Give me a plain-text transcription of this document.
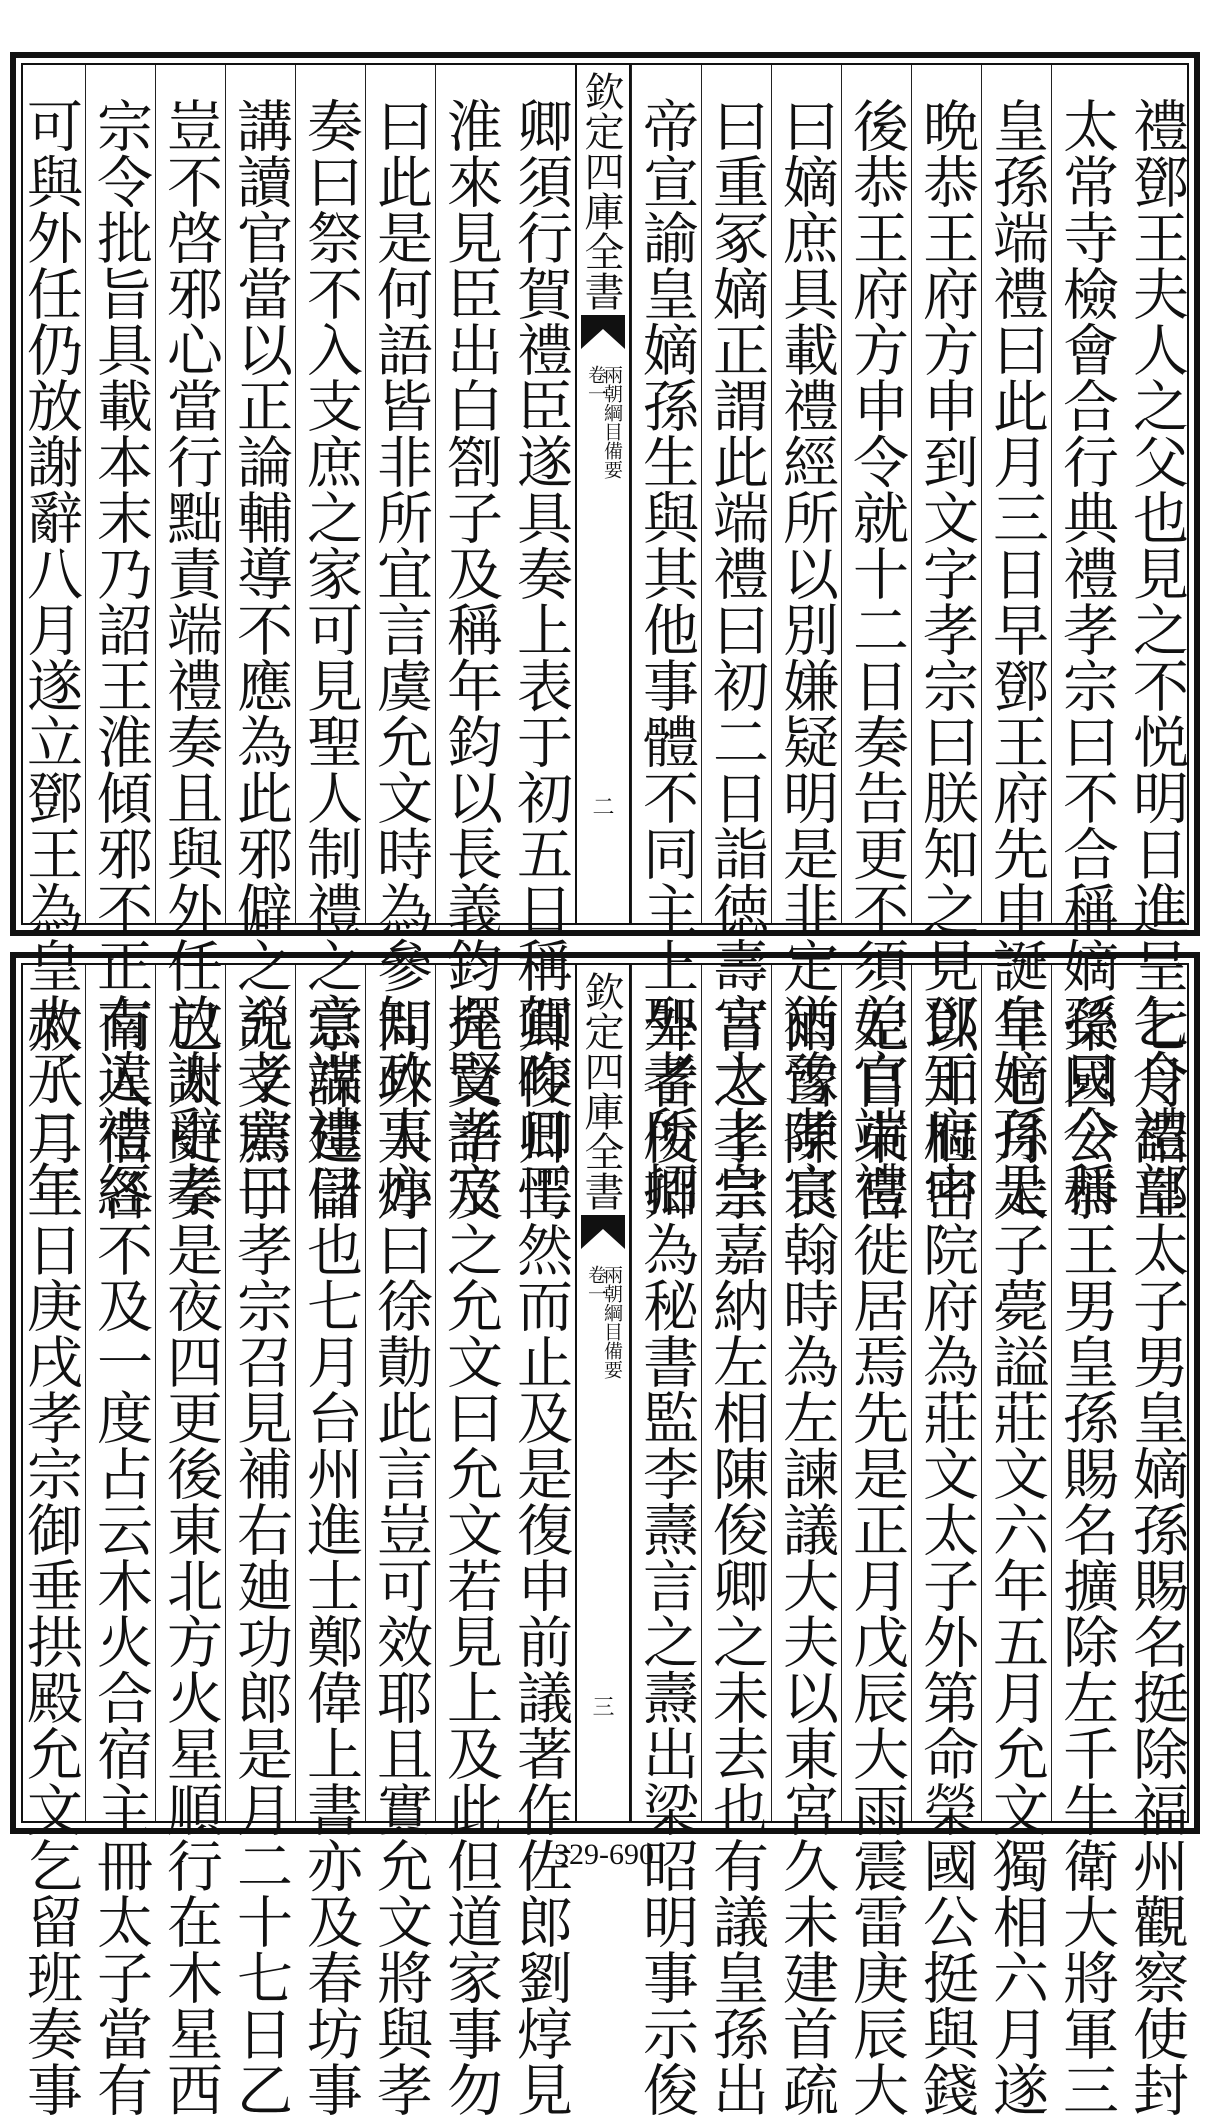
禮鄧王夫人之父也見之不悦明日進呈乞令禮部
太常寺檢會合行典禮孝宗曰不合稱嫡孫只令稱
皇孫端禮曰此月三日早鄧王府先申誕皇嫡孫是
晩恭王府方申到文字孝宗曰朕知之見鄧王府申
後恭王府方申令就十二日奏告更不須差官端禮
曰嫡庶具載禮經所以別嫌疑明是非定猶豫孝宗
曰重冢嫡正謂此端禮曰初二日詣徳壽宮太上皇
帝宣諭皇嫡孫生與其他事體不同主上聖孝所招
欽定四庫全書
兩朝綱目備要
卷一
二
卿須行賀禮臣遂具奏上表于初五日稱賀昨日王
淮來見臣出白劄子及稱年鈞以長義鈞擇賢孝宗
曰此是何語皆非所宜言虞允文時為參知政事亦
奏曰祭不入支庶之家可見聖人制禮之意端禮曰
講讀官當以正論輔導不應為此邪僻之説孝宗曰
豈不啓邪心當行黜責端禮奏且與外任放謝辭孝
宗令批旨具載本末乃詔王淮傾邪不正有違禮經
可與外任仍放謝辭八月遂立鄧王為皇太子二年
七月詔皇太子男皇嫡孫賜名挺除福州觀察使封
榮國公恭王男皇孫賜名擴除左千牛衛大將軍三
年七月太子薨謚莊文六年五月允文獨相六月遂
以知樞密院府為莊文太子外第命榮國公挺與錢
妃自東宮徙居焉先是正月戊辰大雨震雷庚辰大
雨雪陳良翰時為左諫議大夫以東宮久未建首疏
言之孝宗嘉納左相陳俊卿之未去也有議皇孫出
外者俊卿為秘書監李燾言之燾出梁昭明事示俊
欽定四庫全書
兩朝綱目備要
卷一
三
卿俊卿愕然而止及是復申前議著作佐郎劉焞見
允文語及之允文曰允文若見上及此但道家事勿
問外人焞曰徐勣此言豈可效耶且實允文將與孝
宗謀建儲也七月台州進士鄭偉上書亦及春坊事
允文薦于孝宗召見補右廸功郎是月二十七日乙
巳太史奏是夜四更後東北方火星順行在木星西
南入宿各不及一度占云木火合宿主冊太子當有
赦八月三日庚戌孝宗御垂拱殿允文乞留班奏事	329-690
